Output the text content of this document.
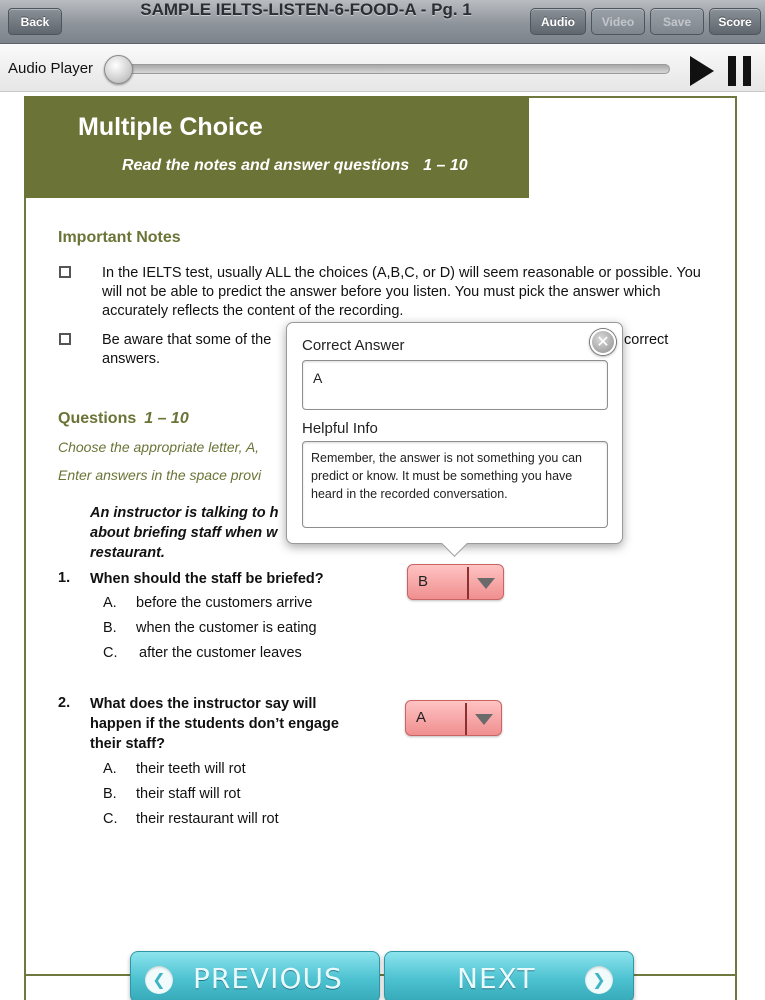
Back
SAMPLE IELTS-LISTEN-6-FOOD-A - Pg. 1
Audio	Video	Save	Score
Audio Player
Multiple Choice
Read the notes and answer questions 1 – 10
Important Notes
In the IELTS test, usually ALL the choices (A,B,C, or D) will seem reasonable or possible. You will not be able to predict the answer before you listen. You must pick the answer which accurately reflects the content of the recording.
Be aware that some of the	correct
answers.
Questions 1 – 10
Choose the appropriate letter, A,
Enter answers in the space provi
An instructor is talking to h
about briefing staff when w
restaurant.
1. When should the staff be briefed?
A. before the customers arrive
B. when the customer is eating
C. after the customer leaves
B
2. What does the instructor say will
happen if the students don’t engage
their staff?
A. their teeth will rot
B. their staff will rot
C. their restaurant will rot
A
Correct Answer	✕
A
Helpful Info
Remember, the answer is not something you can predict or know. It must be something you have heard in the recorded conversation.
❮ PREVIOUS	NEXT	❯
